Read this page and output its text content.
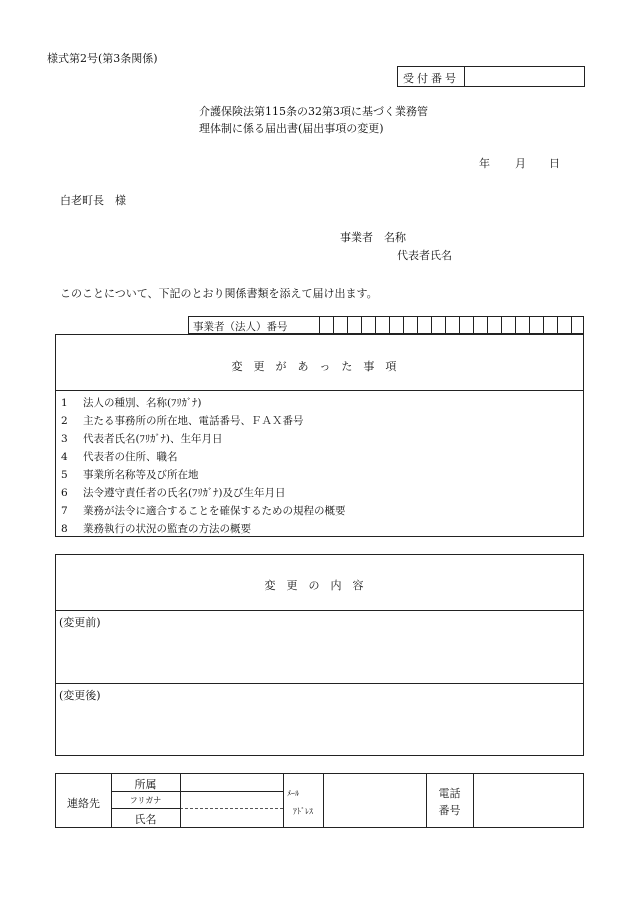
様式第2号(第3条関係)
受付番号
介護保険法第115条の32第3項に基づく業務管
理体制に係る届出書(届出事項の変更)
年 月 日
白老町長　様
事業者 名称
代表者氏名
このことについて、下記のとおり関係書類を添えて届け出ます。
事業者（法人）番号
変更があった事項
1 法人の種別、名称(ﾌﾘｶﾞﾅ)
2 主たる事務所の所在地、電話番号、ＦＡＸ番号
3 代表者氏名(ﾌﾘｶﾞﾅ)、生年月日
4 代表者の住所、職名
5 事業所名称等及び所在地
6 法令遵守責任者の氏名(ﾌﾘｶﾞﾅ)及び生年月日
7 業務が法令に適合することを確保するための規程の概要
8 業務執行の状況の監査の方法の概要
変更の内容
(変更前)
(変更後)
連絡先
所属
フリガナ
氏名
ﾒｰﾙ
ｱﾄﾞﾚｽ
電話
番号
